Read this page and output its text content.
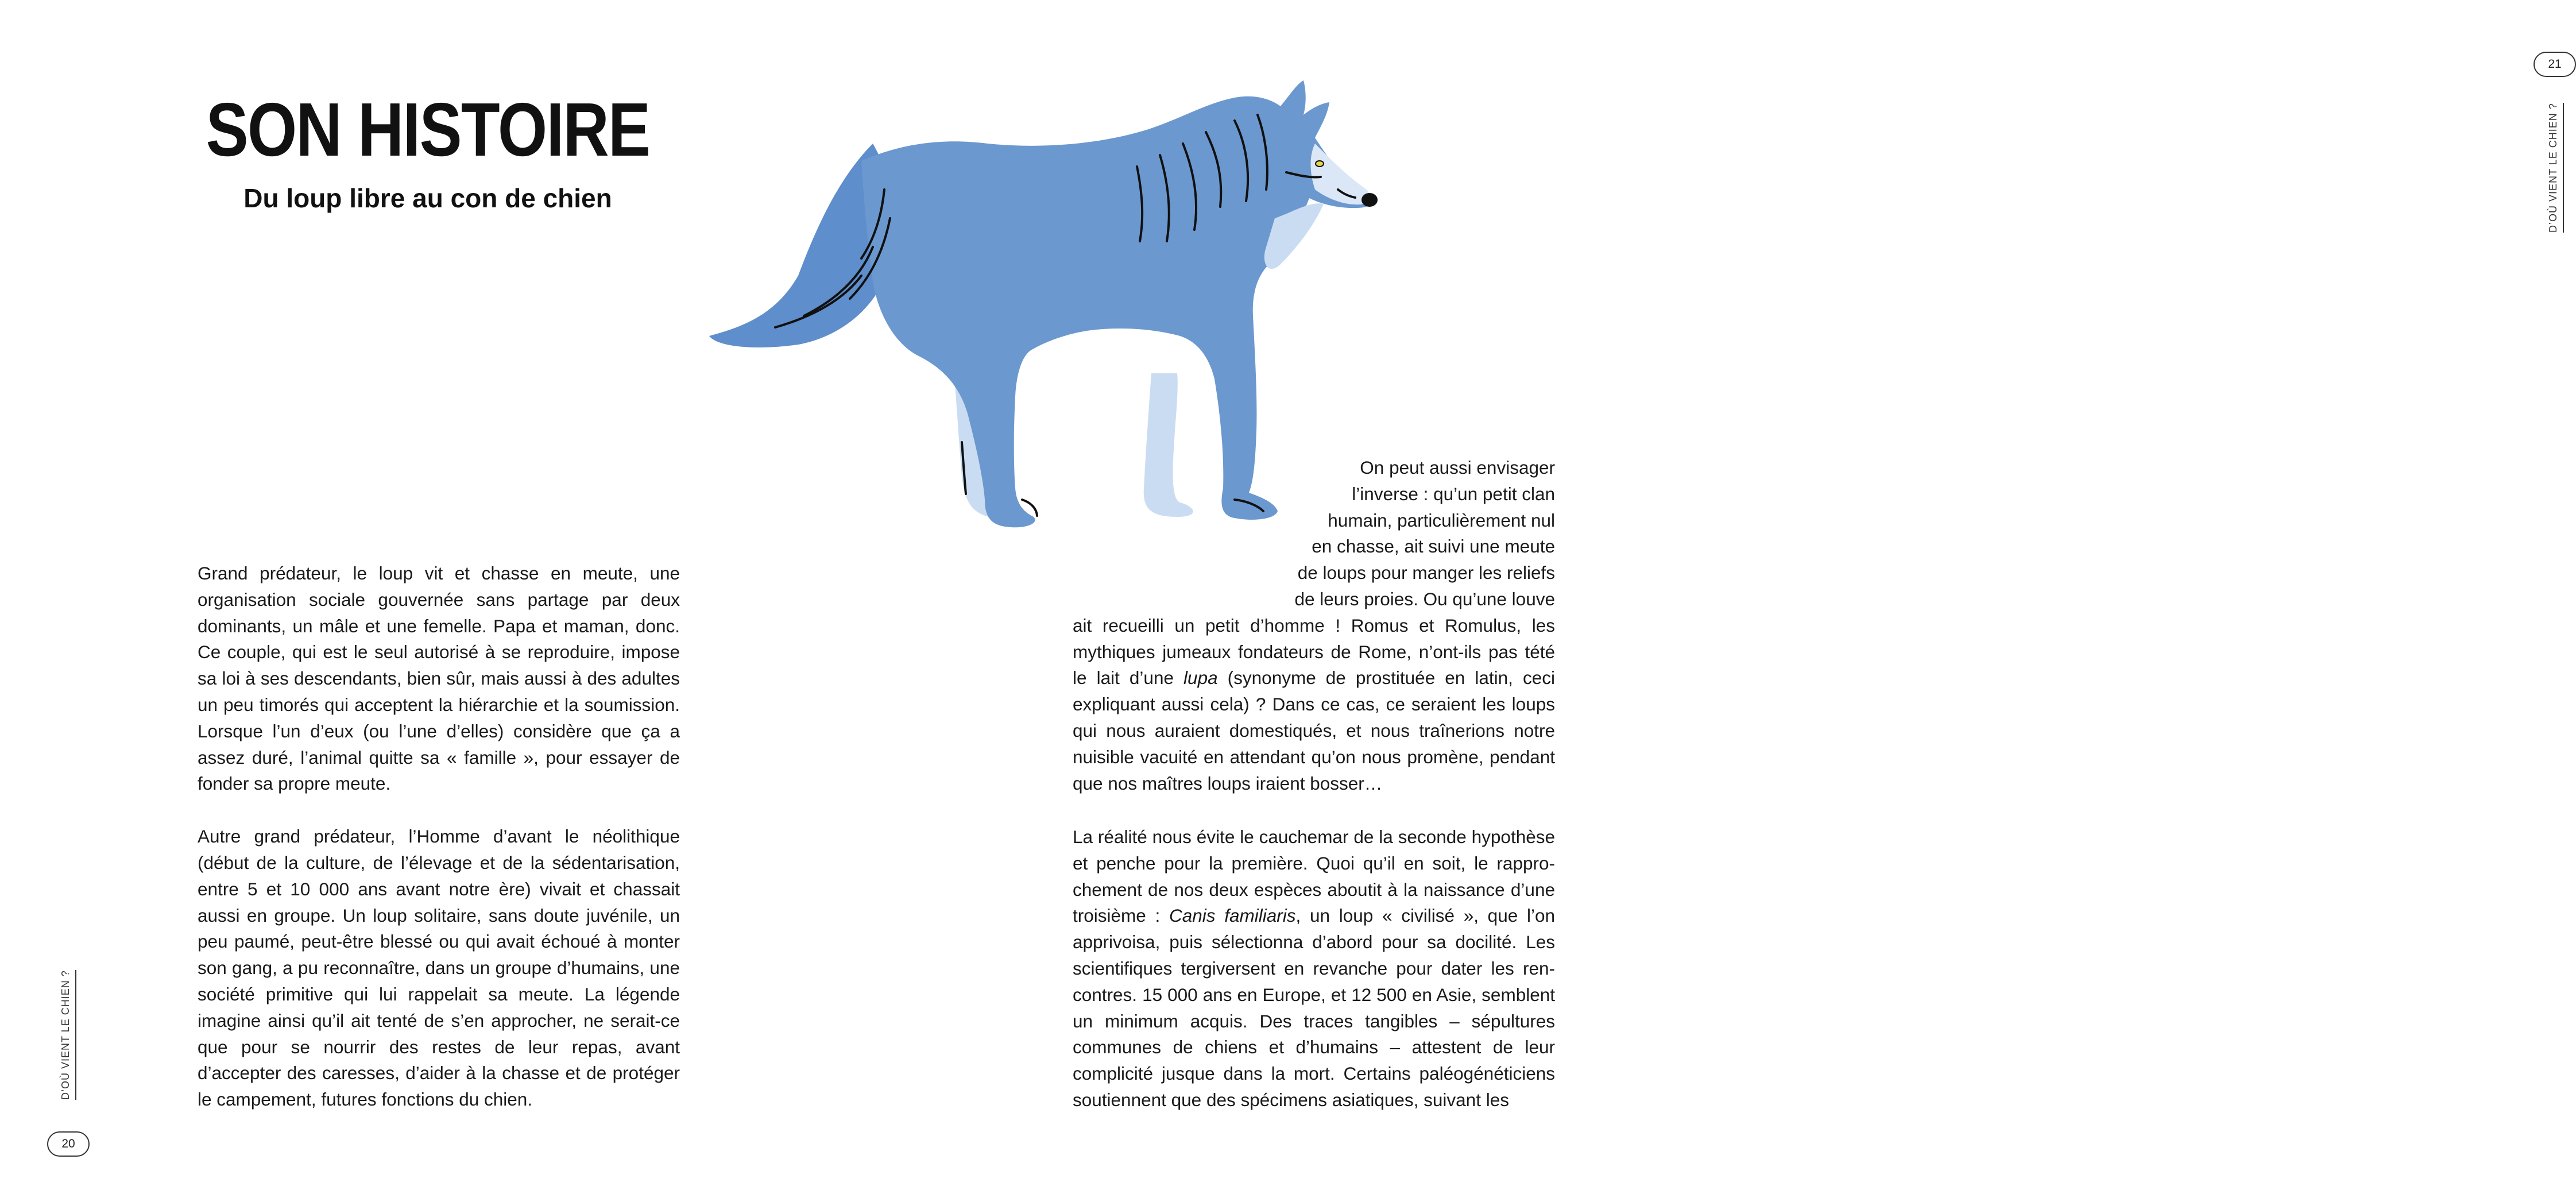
SON HISTOIRE
Du loup libre au con de chien

Grand prédateur, le loup vit et chasse en meute, une organisation sociale gouvernée sans partage par deux dominants, un mâle et une femelle. Papa et maman, donc. Ce couple, qui est le seul autorisé à se reproduire, impose sa loi à ses descendants, bien sûr, mais aussi à des adultes un peu timorés qui acceptent la hiérarchie et la soumission. Lorsque l’un d’eux (ou l’une d’elles) considère que ça a assez duré, l’animal quitte sa « famille », pour essayer de fonder sa propre meute.

Autre grand prédateur, l’Homme d’avant le néolithique (début de la culture, de l’élevage et de la sédentarisation, entre 5 et 10 000 ans avant notre ère) vivait et chassait aussi en groupe. Un loup solitaire, sans doute juvénile, un peu paumé, peut-être blessé ou qui avait échoué à monter son gang, a pu reconnaître, dans un groupe d’humains, une société primitive qui lui rappelait sa meute. La légende imagine ainsi qu’il ait tenté de s’en approcher, ne serait-ce que pour se nourrir des restes de leur repas, avant d’accepter des caresses, d’aider à la chasse et de protéger le campement, futures fonctions du chien.

D’OÙ VIENT LE CHIEN ?
20
D’OÙ VIENT LE CHIEN ?
21
On peut aussi envisager
l’inverse : qu’un petit clan
humain, particulièrement nul
en chasse, ait suivi une meute
de loups pour manger les reliefs
de leurs proies. Ou qu’une louve

ait recueilli un petit d’homme ! Romus et Romulus, les mythiques jumeaux fondateurs de Rome, n’ont-ils pas tété le lait d’une lupa (synonyme de prostituée en latin, ceci expliquant aussi cela) ? Dans ce cas, ce seraient les loups qui nous auraient domestiqués, et nous traînerions notre nuisible vacuité en attendant qu’on nous promène, pendant que nos maîtres loups iraient bosser…

La réalité nous évite le cauchemar de la seconde hypothèse et penche pour la première. Quoi qu’il en soit, le rapprochement de nos deux espèces aboutit à la naissance d’une troisième : Canis familiaris, un loup « civilisé », que l’on apprivoisa, puis sélectionna d’abord pour sa docilité. Les scientifiques tergiversent en revanche pour dater les rencontres. 15 000 ans en Europe, et 12 500 en Asie, semblent un minimum acquis. Des traces tangibles – sépultures communes de chiens et d’humains – attestent de leur complicité jusque dans la mort. Certains paléogénéticiens soutiennent que des spécimens asiatiques, suivant les
